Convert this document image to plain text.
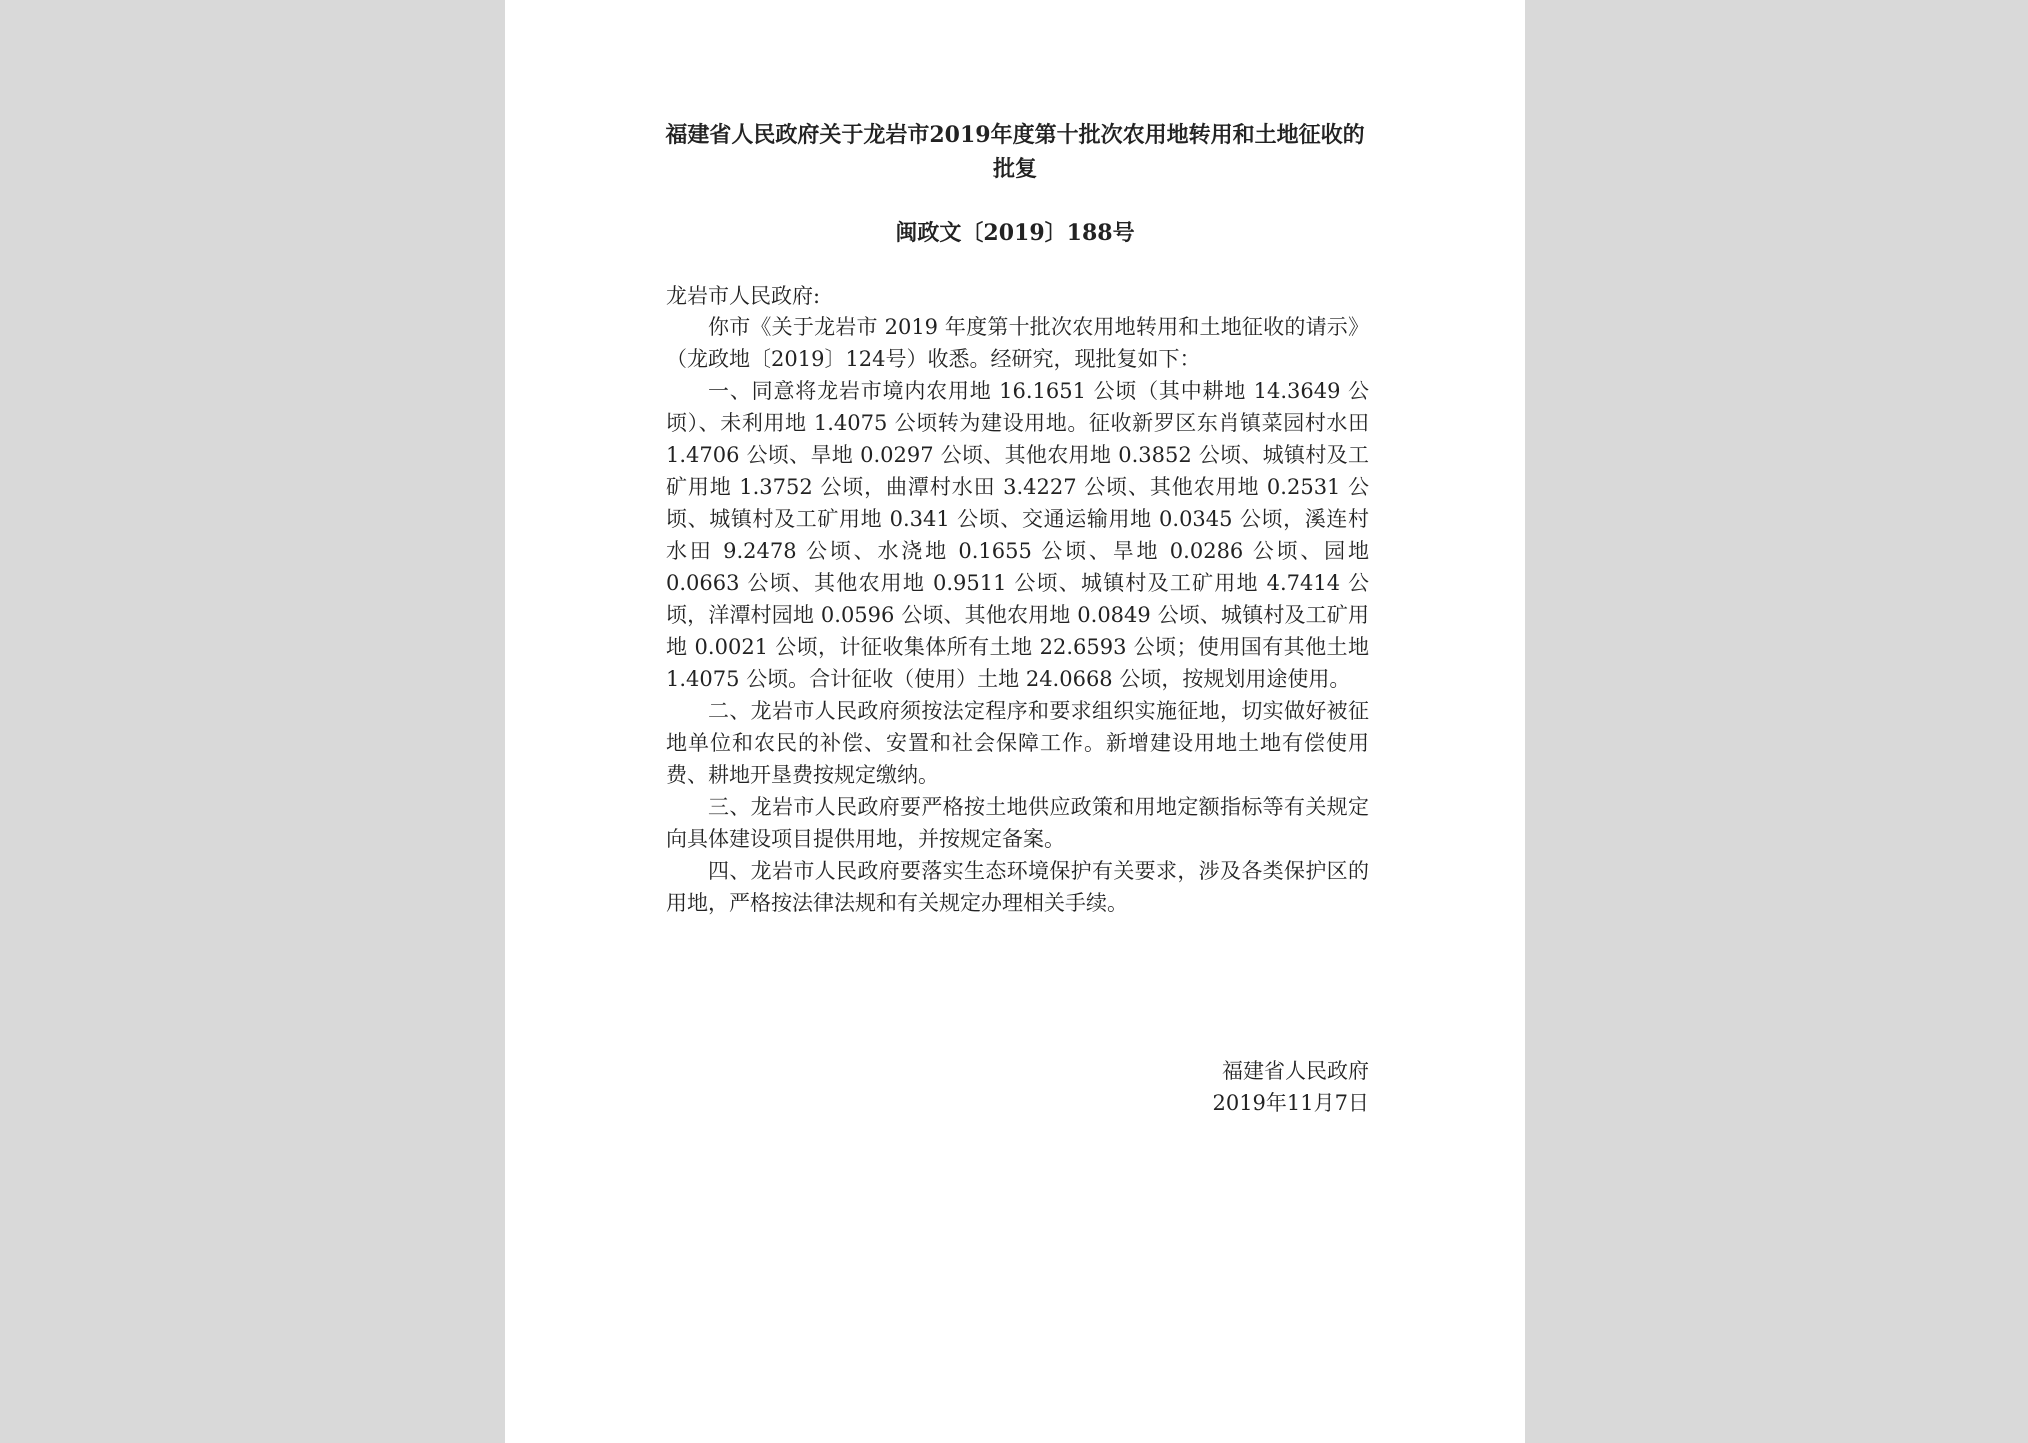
福建省人民政府关于龙岩市2019年度第十批次农用地转用和土地征收的批复
闽政文〔2019〕188号
龙岩市人民政府:

你市《关于龙岩市 2019 年度第十批次农用地转用和土地征收的请示》（龙政地〔2019〕124号）收悉。经研究，现批复如下：

一、同意将龙岩市境内农用地 16.1651 公顷（其中耕地 14.3649 公顷）、未利用地 1.4075 公顷转为建设用地。征收新罗区东肖镇菜园村水田 1.4706 公顷、旱地 0.0297 公顷、其他农用地 0.3852 公顷、城镇村及工矿用地 1.3752 公顷，曲潭村水田 3.4227 公顷、其他农用地 0.2531 公顷、城镇村及工矿用地 0.341 公顷、交通运输用地 0.0345 公顷，溪连村水田 9.2478 公顷、水浇地 0.1655 公顷、旱地 0.0286 公顷、园地 0.0663 公顷、其他农用地 0.9511 公顷、城镇村及工矿用地 4.7414 公顷，洋潭村园地 0.0596 公顷、其他农用地 0.0849 公顷、城镇村及工矿用地 0.0021 公顷，计征收集体所有土地 22.6593 公顷；使用国有其他土地 1.4075 公顷。合计征收（使用）土地 24.0668 公顷，按规划用途使用。

二、龙岩市人民政府须按法定程序和要求组织实施征地，切实做好被征地单位和农民的补偿、安置和社会保障工作。新增建设用地土地有偿使用费、耕地开垦费按规定缴纳。

三、龙岩市人民政府要严格按土地供应政策和用地定额指标等有关规定向具体建设项目提供用地，并按规定备案。

四、龙岩市人民政府要落实生态环境保护有关要求，涉及各类保护区的用地，严格按法律法规和有关规定办理相关手续。

福建省人民政府
2019年11月7日
